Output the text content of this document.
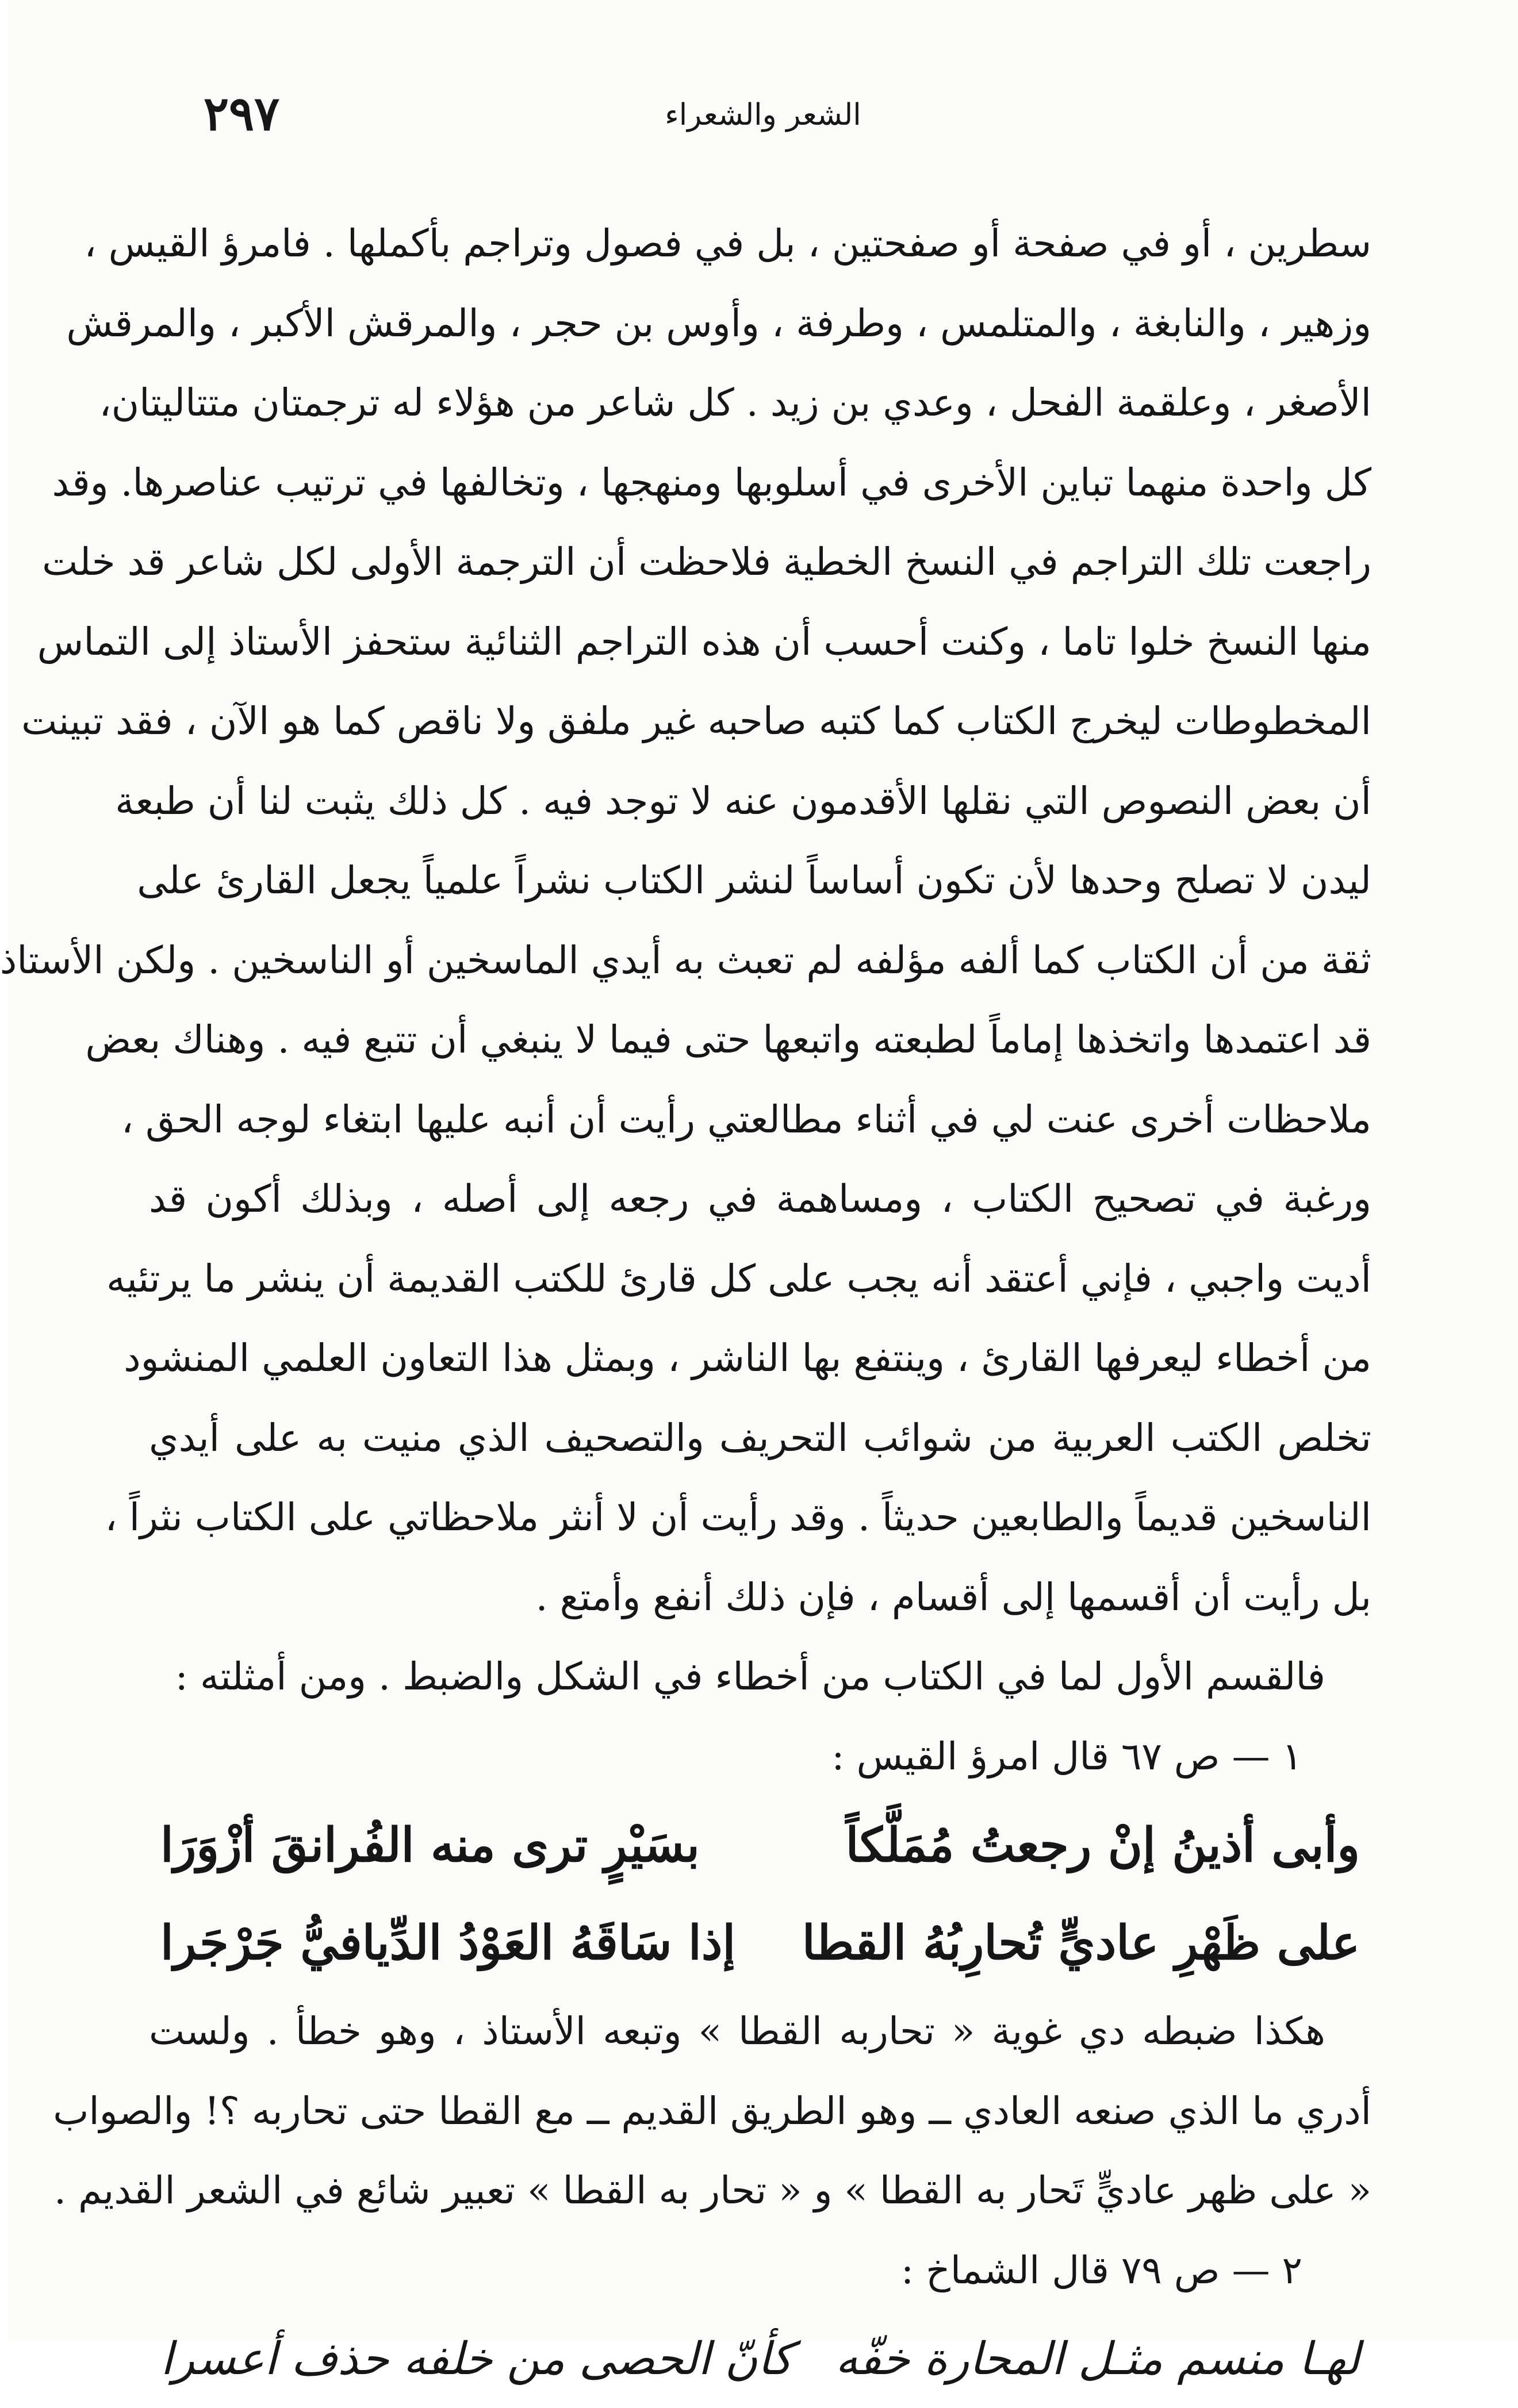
الشعر والشعراء
٢٩٧
سطرين ، أو في صفحة أو صفحتين ، بل في فصول وتراجم بأكملها . فامرؤ القيس ،
وزهير ، والنابغة ، والمتلمس ، وطرفة ، وأوس بن حجر ، والمرقش الأكبر ، والمرقش
الأصغر ، وعلقمة الفحل ، وعدي بن زيد . كل شاعر من هؤلاء له ترجمتان متتاليتان،
كل واحدة منهما تباين الأخرى في أسلوبها ومنهجها ، وتخالفها في ترتيب عناصرها. وقد
راجعت تلك التراجم في النسخ الخطية فلاحظت أن الترجمة الأولى لكل شاعر قد خلت
منها النسخ خلوا تاما ، وكنت أحسب أن هذه التراجم الثنائية ستحفز الأستاذ إلى التماس
المخطوطات ليخرج الكتاب كما كتبه صاحبه غير ملفق ولا ناقص كما هو الآن ، فقد تبينت
أن بعض النصوص التي نقلها الأقدمون عنه لا توجد فيه . كل ذلك يثبت لنا أن طبعة
ليدن لا تصلح وحدها لأن تكون أساساً لنشر الكتاب نشراً علمياً يجعل القارئ على
ثقة من أن الكتاب كما ألفه مؤلفه لم تعبث به أيدي الماسخين أو الناسخين . ولكن الأستاذ
قد اعتمدها واتخذها إماماً لطبعته واتبعها حتى فيما لا ينبغي أن تتبع فيه . وهناك بعض
ملاحظات أخرى عنت لي في أثناء مطالعتي رأيت أن أنبه عليها ابتغاء لوجه الحق ،
ورغبة في تصحيح الكتاب ، ومساهمة في رجعه إلى أصله ، وبذلك أكون قد
أديت واجبي ، فإني أعتقد أنه يجب على كل قارئ للكتب القديمة أن ينشر ما يرتئيه
من أخطاء ليعرفها القارئ ، وينتفع بها الناشر ، وبمثل هذا التعاون العلمي المنشود
تخلص الكتب العربية من شوائب التحريف والتصحيف الذي منيت به على أيدي
الناسخين قديماً والطابعين حديثاً . وقد رأيت أن لا أنثر ملاحظاتي على الكتاب نثراً ،
بل رأيت أن أقسمها إلى أقسام ، فإن ذلك أنفع وأمتع .
فالقسم الأول لما في الكتاب من أخطاء في الشكل والضبط . ومن أمثلته :
١ — ص ٦٧ قال امرؤ القيس :
وأبى أذينُ إنْ رجعتُ مُمَلَّكاً
بسَيْرٍ ترى منه الفُرانقَ أزْوَرَا
على ظَهْرِ عاديٍّ تُحارِبُهُ القطا
إذا سَاقَهُ العَوْدُ الدِّيافيُّ جَرْجَرا
هكذا ضبطه دي غوية « تحاربه القطا » وتبعه الأستاذ ، وهو خطأ . ولست
أدري ما الذي صنعه العادي ــ وهو الطريق القديم ــ مع القطا حتى تحاربه ؟! والصواب
« على ظهر عاديٍّ تَحار به القطا » و « تحار به القطا » تعبير شائع في الشعر القديم .
٢ — ص ٧٩ قال الشماخ :
لهـا منسم مثـل المحارة خفّه
كأنّ الحصى من خلفه حذف أعسرا
